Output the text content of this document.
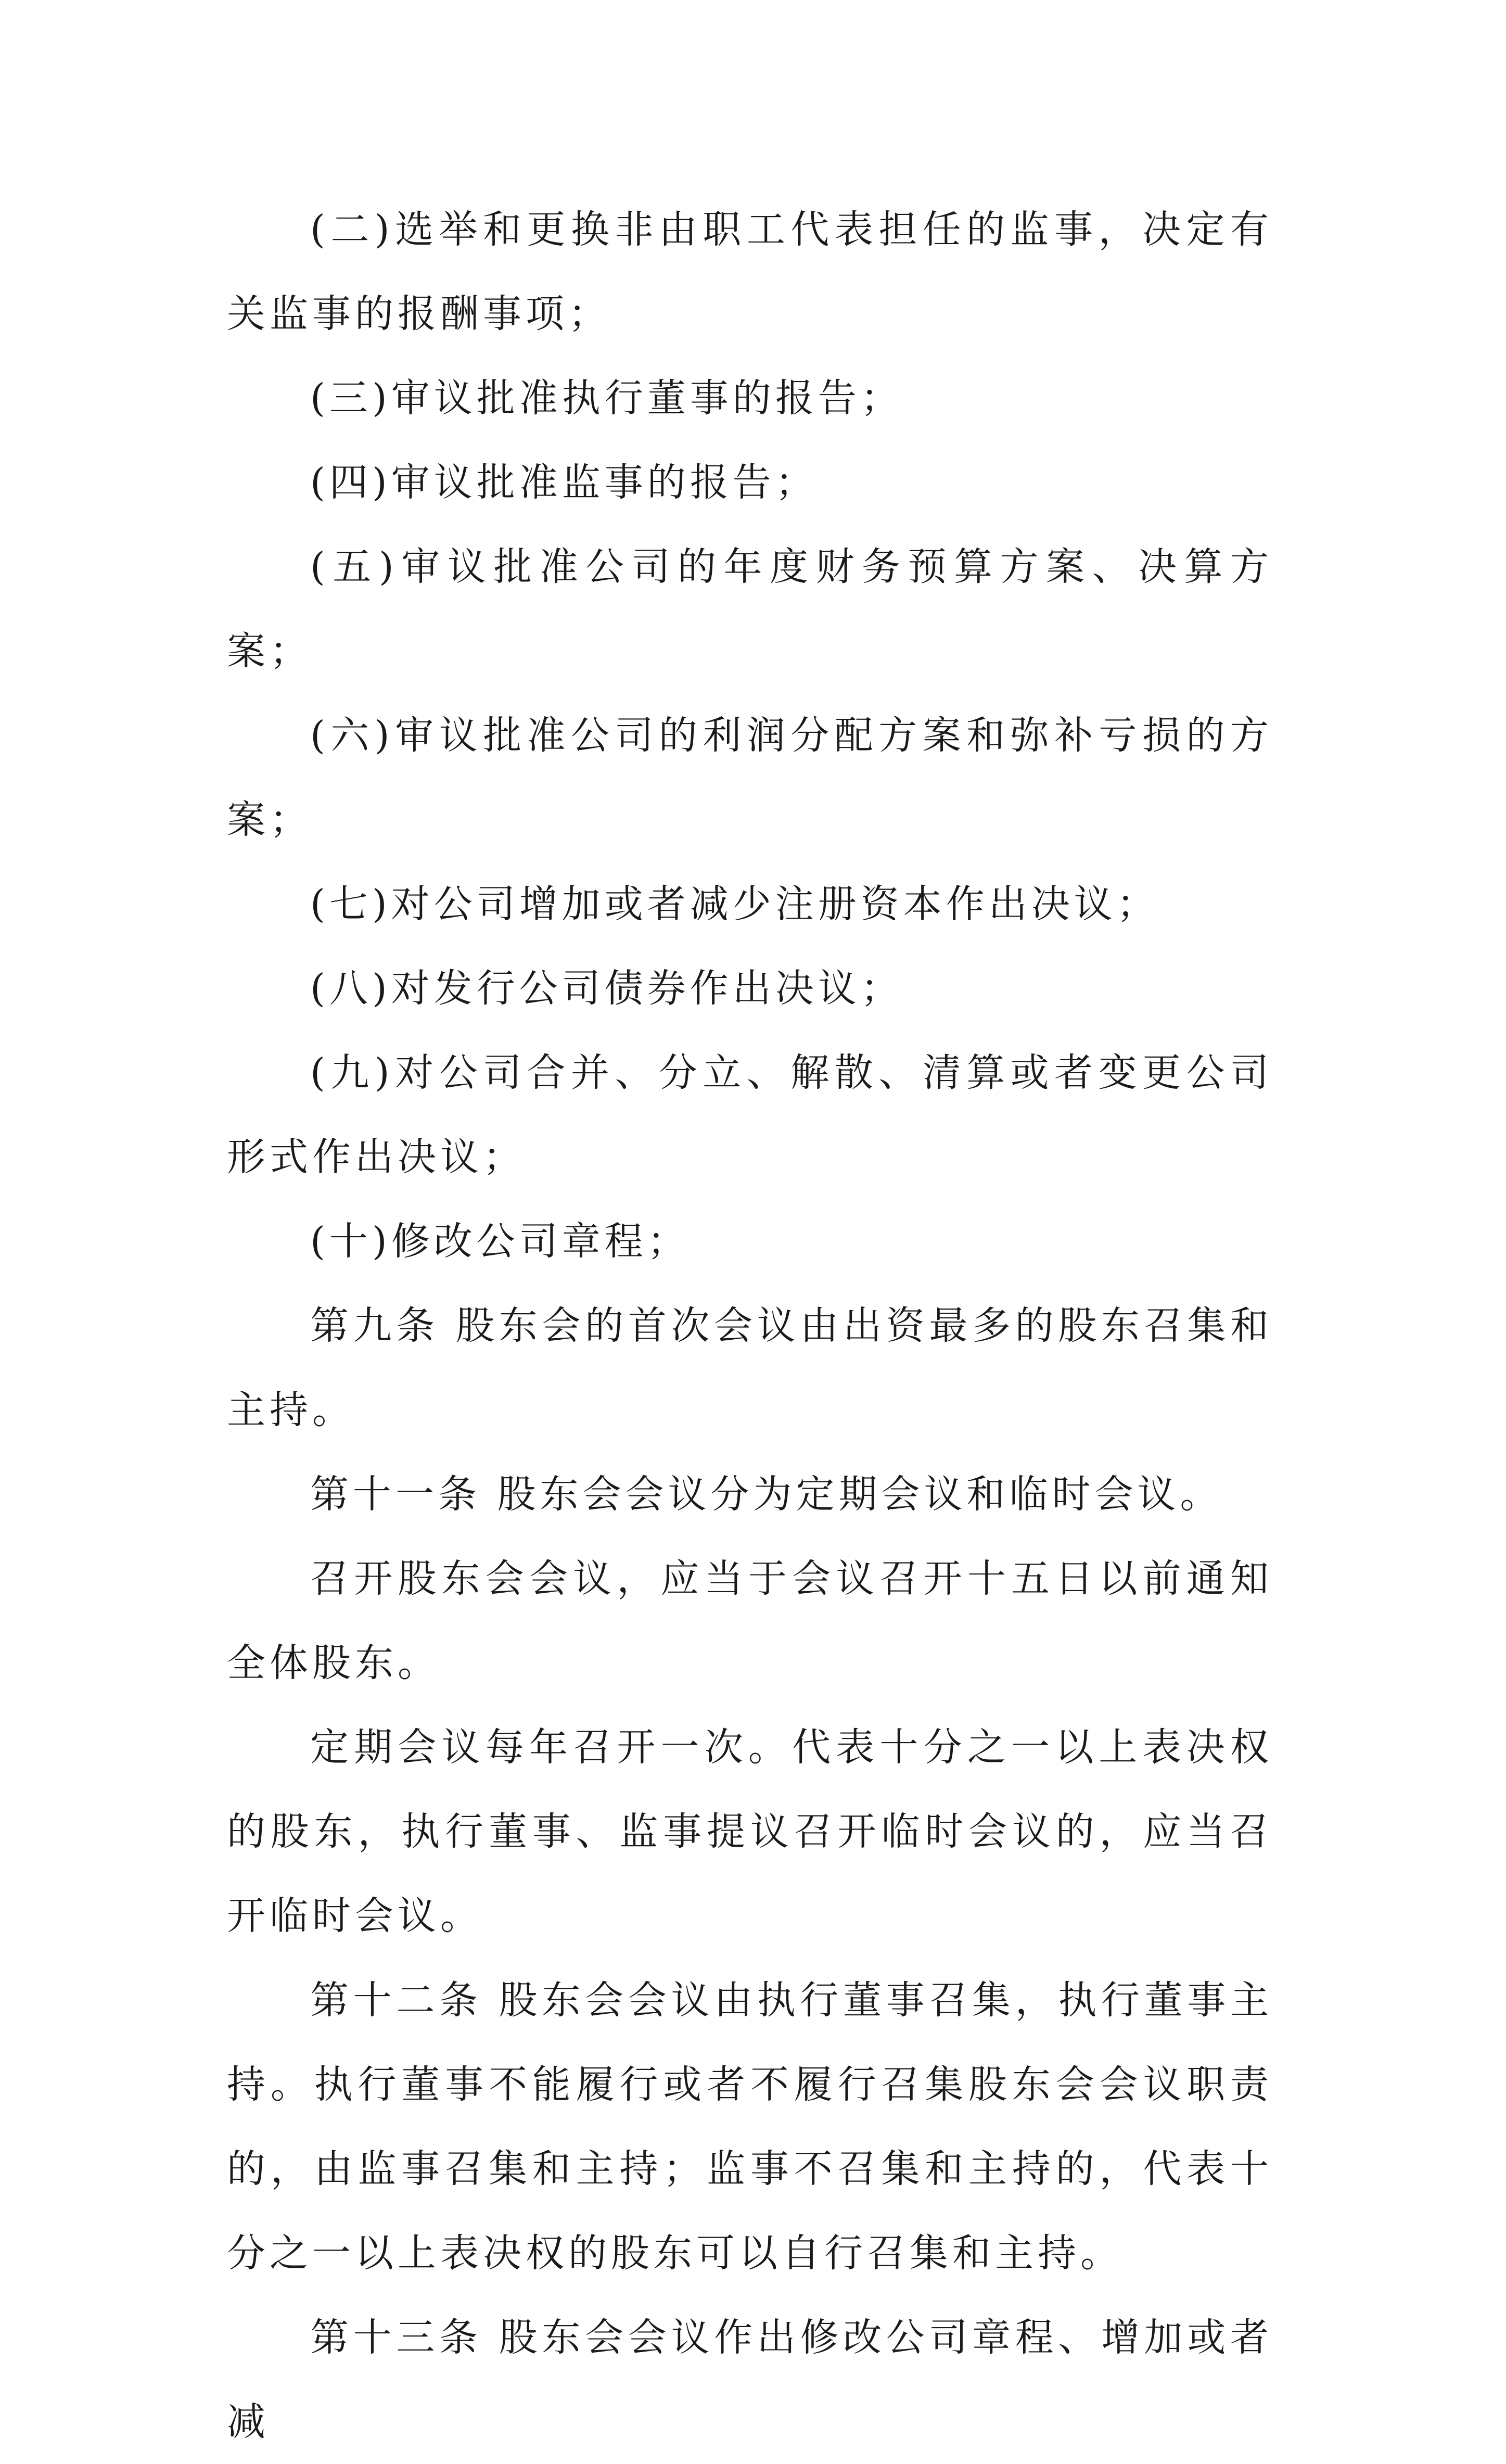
(二)选举和更换非由职工代表担任的监事，决定有关监事的报酬事项；

(三)审议批准执行董事的报告；

(四)审议批准监事的报告；

(五)审议批准公司的年度财务预算方案、决算方案；

(六)审议批准公司的利润分配方案和弥补亏损的方案；

(七)对公司增加或者减少注册资本作出决议；

(八)对发行公司债券作出决议；

(九)对公司合并、分立、解散、清算或者变更公司形式作出决议；

(十)修改公司章程；

第九条 股东会的首次会议由出资最多的股东召集和主持。

第十一条 股东会会议分为定期会议和临时会议。

召开股东会会议，应当于会议召开十五日以前通知全体股东。

定期会议每年召开一次。代表十分之一以上表决权的股东，执行董事、监事提议召开临时会议的，应当召开临时会议。

第十二条 股东会会议由执行董事召集，执行董事主持。执行董事不能履行或者不履行召集股东会会议职责的，由监事召集和主持；监事不召集和主持的，代表十分之一以上表决权的股东可以自行召集和主持。

第十三条 股东会会议作出修改公司章程、增加或者减
